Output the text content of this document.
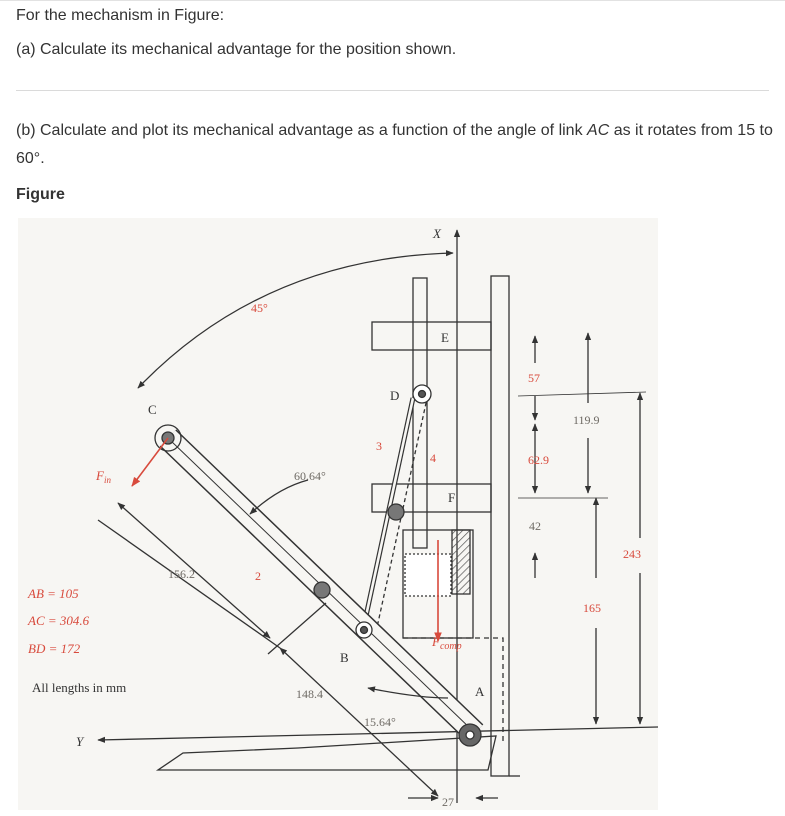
For the mechanism in Figure:

(a) Calculate its mechanical advantage for the position shown.

(b) Calculate and plot its mechanical advantage as a function of the angle of link AC as it rotates from 15 to 60°.

Figure
X
Y
C
D
E
F
B
A
2
3
4
45°
60.64°
15.64°
156.2
148.4
57
62.9
42
119.9
165
243
27
$F_{in}$
$F_{comp}$
AB = 105
AC = 304.6
BD = 172
All lengths in mm
